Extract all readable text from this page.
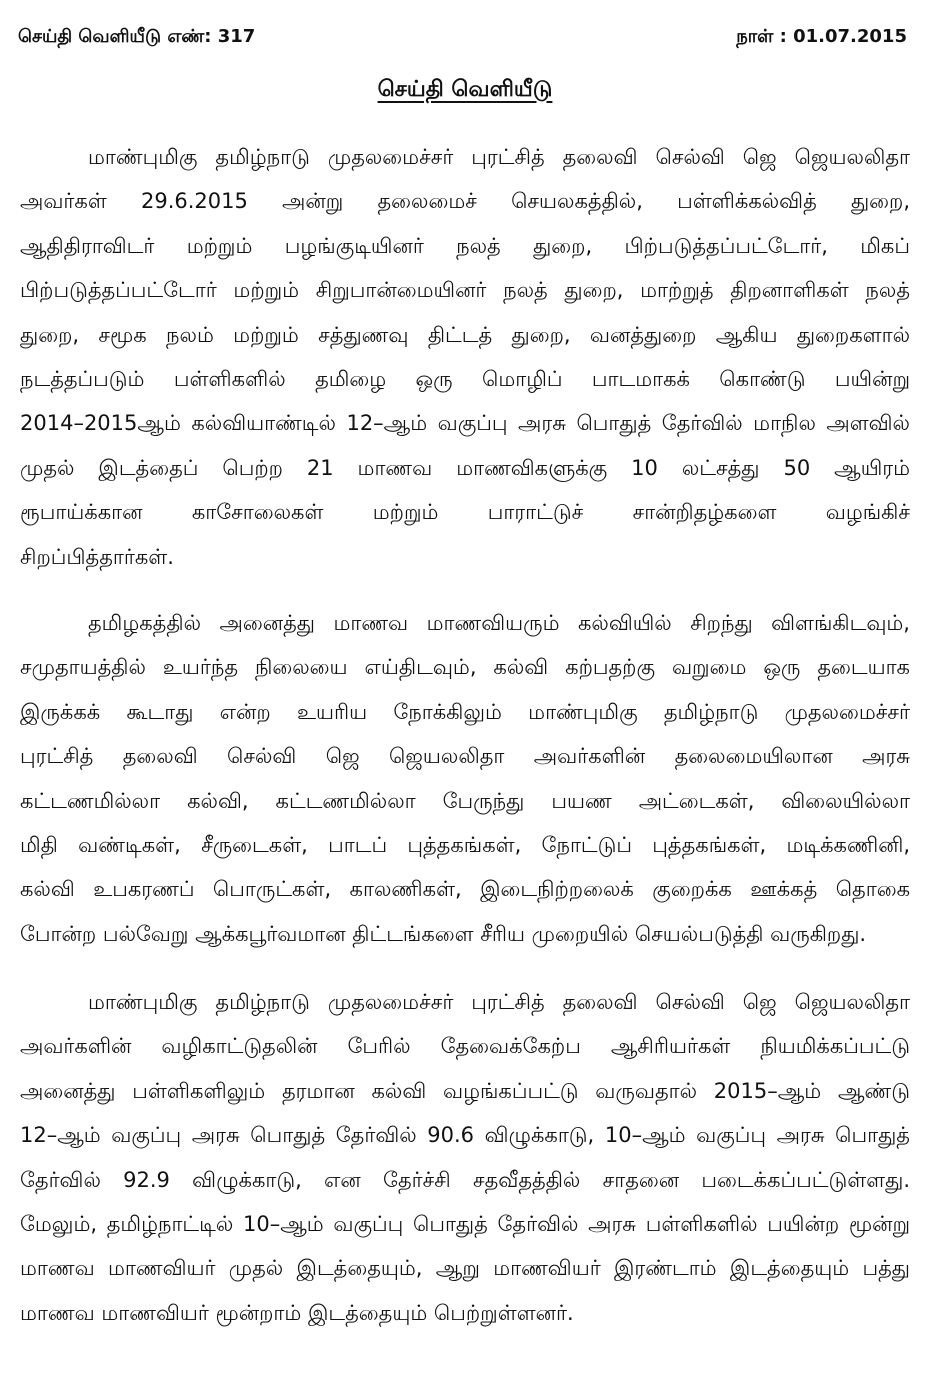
செய்தி வெளியீடு எண்: 317	நாள் : 01.07.2015
செய்தி வெளியீடு
மாண்புமிகு தமிழ்நாடு முதலமைச்சர் புரட்சித் தலைவி செல்வி ஜெ ஜெயலலிதா
அவர்கள் 29.6.2015 அன்று தலைமைச் செயலகத்தில், பள்ளிக்கல்வித் துறை,
ஆதிதிராவிடர் மற்றும் பழங்குடியினர் நலத் துறை, பிற்படுத்தப்பட்டோர், மிகப்
பிற்படுத்தப்பட்டோர் மற்றும் சிறுபான்மையினர் நலத் துறை, மாற்றுத் திறனாளிகள் நலத்
துறை, சமூக நலம் மற்றும் சத்துணவு திட்டத் துறை, வனத்துறை ஆகிய துறைகளால்
நடத்தப்படும் பள்ளிகளில் தமிழை ஒரு மொழிப் பாடமாகக் கொண்டு பயின்று
2014–2015ஆம் கல்வியாண்டில் 12–ஆம் வகுப்பு அரசு பொதுத் தேர்வில் மாநில அளவில்
முதல் இடத்தைப் பெற்ற 21 மாணவ மாணவிகளுக்கு 10 லட்சத்து 50 ஆயிரம்
ரூபாய்க்கான காசோலைகள் மற்றும் பாராட்டுச் சான்றிதழ்களை வழங்கிச்
சிறப்பித்தார்கள்.
தமிழகத்தில் அனைத்து மாணவ மாணவியரும் கல்வியில் சிறந்து விளங்கிடவும்,
சமுதாயத்தில் உயர்ந்த நிலையை எய்திடவும், கல்வி கற்பதற்கு வறுமை ஒரு தடையாக
இருக்கக் கூடாது என்ற உயரிய நோக்கிலும் மாண்புமிகு தமிழ்நாடு முதலமைச்சர்
புரட்சித் தலைவி செல்வி ஜெ ஜெயலலிதா அவர்களின் தலைமையிலான அரசு
கட்டணமில்லா கல்வி, கட்டணமில்லா பேருந்து பயண அட்டைகள், விலையில்லா
மிதி வண்டிகள், சீருடைகள், பாடப் புத்தகங்கள், நோட்டுப் புத்தகங்கள், மடிக்கணினி,
கல்வி உபகரணப் பொருட்கள், காலணிகள், இடைநிற்றலைக் குறைக்க ஊக்கத் தொகை
போன்ற பல்வேறு ஆக்கபூர்வமான திட்டங்களை சீரிய முறையில் செயல்படுத்தி வருகிறது.
மாண்புமிகு தமிழ்நாடு முதலமைச்சர் புரட்சித் தலைவி செல்வி ஜெ ஜெயலலிதா
அவர்களின் வழிகாட்டுதலின் பேரில் தேவைக்கேற்ப ஆசிரியர்கள் நியமிக்கப்பட்டு
அனைத்து பள்ளிகளிலும் தரமான கல்வி வழங்கப்பட்டு வருவதால் 2015–ஆம் ஆண்டு
12–ஆம் வகுப்பு அரசு பொதுத் தேர்வில் 90.6 விழுக்காடு, 10–ஆம் வகுப்பு அரசு பொதுத்
தேர்வில் 92.9 விழுக்காடு, என தேர்ச்சி சதவீதத்தில் சாதனை படைக்கப்பட்டுள்ளது.
மேலும், தமிழ்நாட்டில் 10–ஆம் வகுப்பு பொதுத் தேர்வில் அரசு பள்ளிகளில் பயின்ற மூன்று
மாணவ மாணவியர் முதல் இடத்தையும், ஆறு மாணவியர் இரண்டாம் இடத்தையும் பத்து
மாணவ மாணவியர் மூன்றாம் இடத்தையும் பெற்றுள்ளனர்.
